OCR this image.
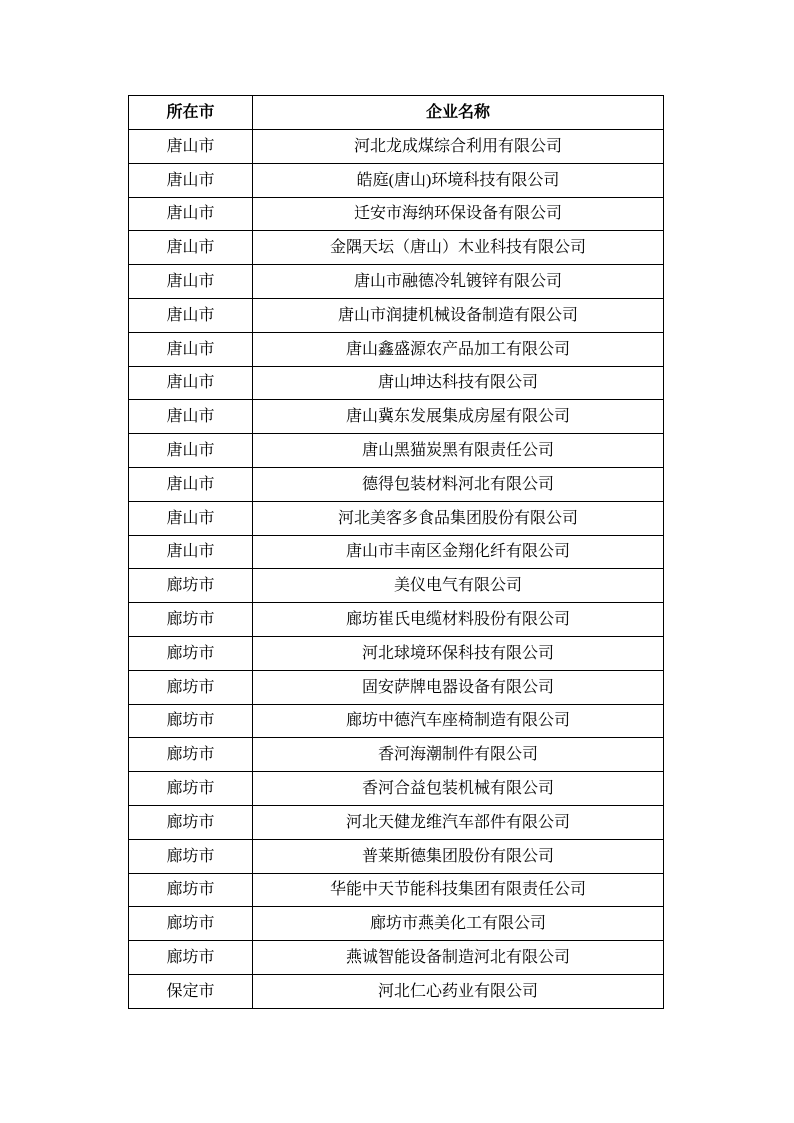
所在市	企业名称
唐山市	河北龙成煤综合利用有限公司
唐山市	皓庭(唐山)环境科技有限公司
唐山市	迁安市海纳环保设备有限公司
唐山市	金隅天坛（唐山）木业科技有限公司
唐山市	唐山市融德冷轧镀锌有限公司
唐山市	唐山市润捷机械设备制造有限公司
唐山市	唐山鑫盛源农产品加工有限公司
唐山市	唐山坤达科技有限公司
唐山市	唐山冀东发展集成房屋有限公司
唐山市	唐山黑猫炭黑有限责任公司
唐山市	德得包装材料河北有限公司
唐山市	河北美客多食品集团股份有限公司
唐山市	唐山市丰南区金翔化纤有限公司
廊坊市	美仪电气有限公司
廊坊市	廊坊崔氏电缆材料股份有限公司
廊坊市	河北球境环保科技有限公司
廊坊市	固安萨牌电器设备有限公司
廊坊市	廊坊中德汽车座椅制造有限公司
廊坊市	香河海潮制件有限公司
廊坊市	香河合益包装机械有限公司
廊坊市	河北天健龙维汽车部件有限公司
廊坊市	普莱斯德集团股份有限公司
廊坊市	华能中天节能科技集团有限责任公司
廊坊市	廊坊市燕美化工有限公司
廊坊市	燕诚智能设备制造河北有限公司
保定市	河北仁心药业有限公司
